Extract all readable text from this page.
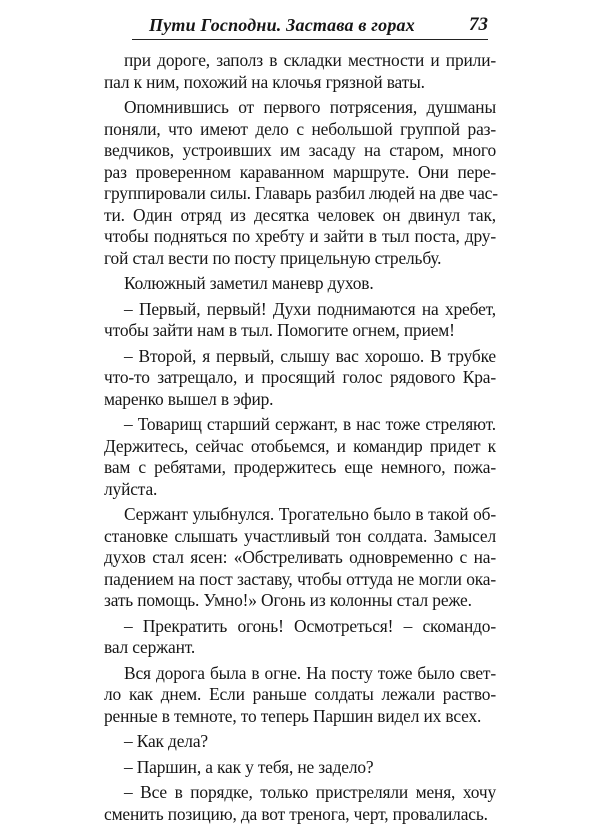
Пути Господни. Застава в горах	73
при дороге, заполз в складки местности и прили-
пал к ним, похожий на клочья грязной ваты.
Опомнившись от первого потрясения, душманы
поняли, что имеют дело с небольшой группой раз-
ведчиков, устроивших им засаду на старом, много
раз проверенном караванном маршруте. Они пере-
группировали силы. Главарь разбил людей на две час-
ти. Один отряд из десятка человек он двинул так,
чтобы подняться по хребту и зайти в тыл поста, дру-
гой стал вести по посту прицельную стрельбу.
Колюжный заметил маневр духов.
– Первый, первый! Духи поднимаются на хребет,
чтобы зайти нам в тыл. Помогите огнем, прием!
– Второй, я первый, слышу вас хорошо. В трубке
что-то затрещало, и просящий голос рядового Кра-
маренко вышел в эфир.
– Товарищ старший сержант, в нас тоже стреляют.
Держитесь, сейчас отобьемся, и командир придет к
вам с ребятами, продержитесь еще немного, пожа-
луйста.
Сержант улыбнулся. Трогательно было в такой об-
становке слышать участливый тон солдата. Замысел
духов стал ясен: «Обстреливать одновременно с на-
падением на пост заставу, чтобы оттуда не могли ока-
зать помощь. Умно!» Огонь из колонны стал реже.
– Прекратить огонь! Осмотреться! – скомандо-
вал сержант.
Вся дорога была в огне. На посту тоже было свет-
ло как днем. Если раньше солдаты лежали раство-
ренные в темноте, то теперь Паршин видел их всех.
– Как дела?
– Паршин, а как у тебя, не задело?
– Все в порядке, только пристреляли меня, хочу
сменить позицию, да вот тренога, черт, провалилась.
